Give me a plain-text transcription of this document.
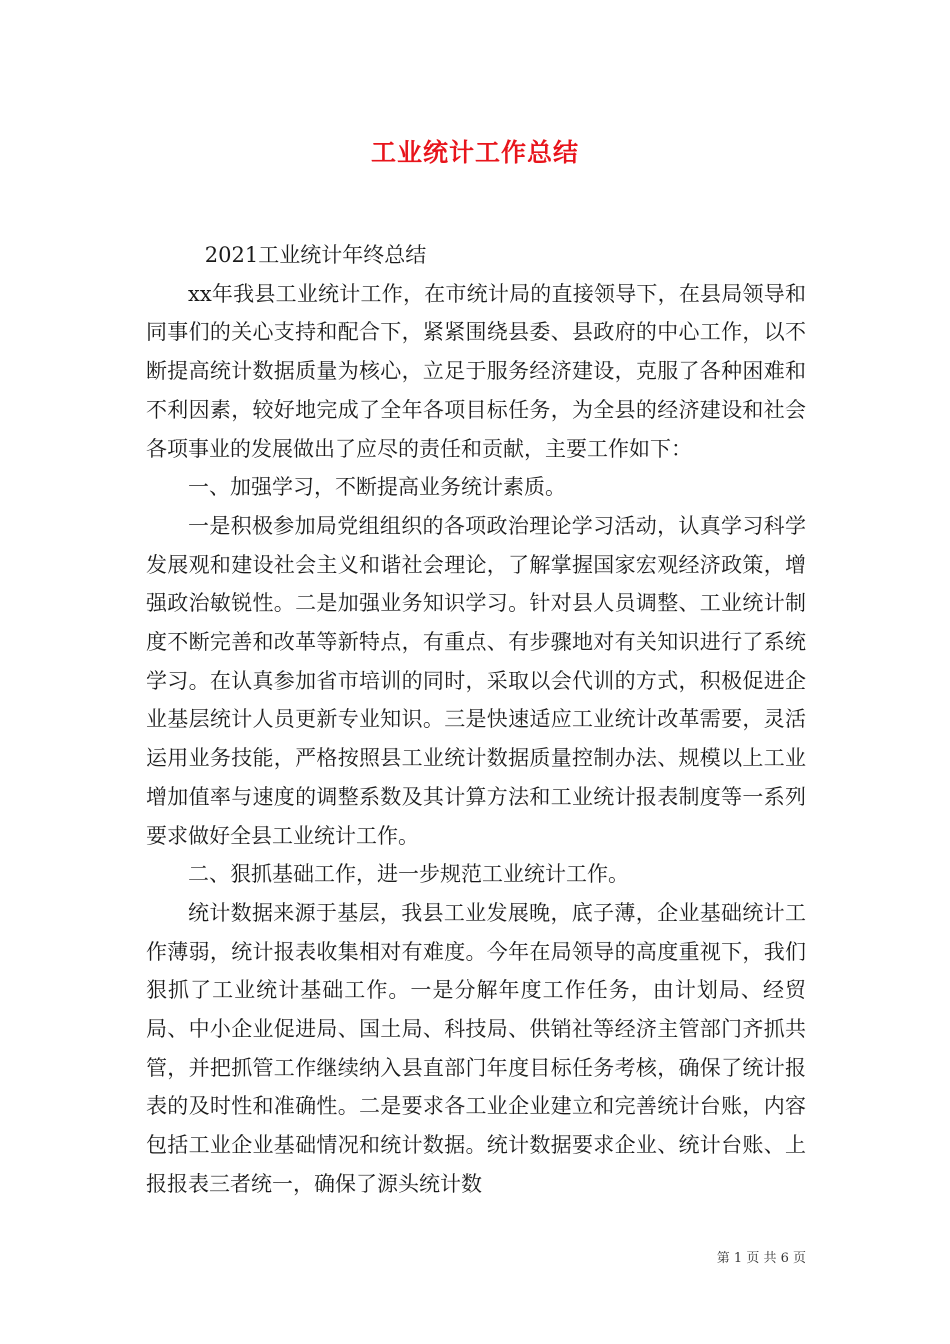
工业统计工作总结

2021工业统计年终总结

xx年我县工业统计工作，在市统计局的直接领导下，在县局领导和同事们的关心支持和配合下，紧紧围绕县委、县政府的中心工作，以不断提高统计数据质量为核心，立足于服务经济建设，克服了各种困难和不利因素，较好地完成了全年各项目标任务，为全县的经济建设和社会各项事业的发展做出了应尽的责任和贡献，主要工作如下：

一、加强学习，不断提高业务统计素质。

一是积极参加局党组组织的各项政治理论学习活动，认真学习科学发展观和建设社会主义和谐社会理论，了解掌握国家宏观经济政策，增强政治敏锐性。二是加强业务知识学习。针对县人员调整、工业统计制度不断完善和改革等新特点，有重点、有步骤地对有关知识进行了系统学习。在认真参加省市培训的同时，采取以会代训的方式，积极促进企业基层统计人员更新专业知识。三是快速适应工业统计改革需要，灵活运用业务技能，严格按照县工业统计数据质量控制办法、规模以上工业增加值率与速度的调整系数及其计算方法和工业统计报表制度等一系列要求做好全县工业统计工作。

二、狠抓基础工作，进一步规范工业统计工作。

统计数据来源于基层，我县工业发展晚，底子薄，企业基础统计工作薄弱，统计报表收集相对有难度。今年在局领导的高度重视下，我们狠抓了工业统计基础工作。一是分解年度工作任务，由计划局、经贸局、中小企业促进局、国土局、科技局、供销社等经济主管部门齐抓共管，并把抓管工作继续纳入县直部门年度目标任务考核，确保了统计报表的及时性和准确性。二是要求各工业企业建立和完善统计台账，内容包括工业企业基础情况和统计数据。统计数据要求企业、统计台账、上报报表三者统一，确保了源头统计数

第 1 页 共 6 页
